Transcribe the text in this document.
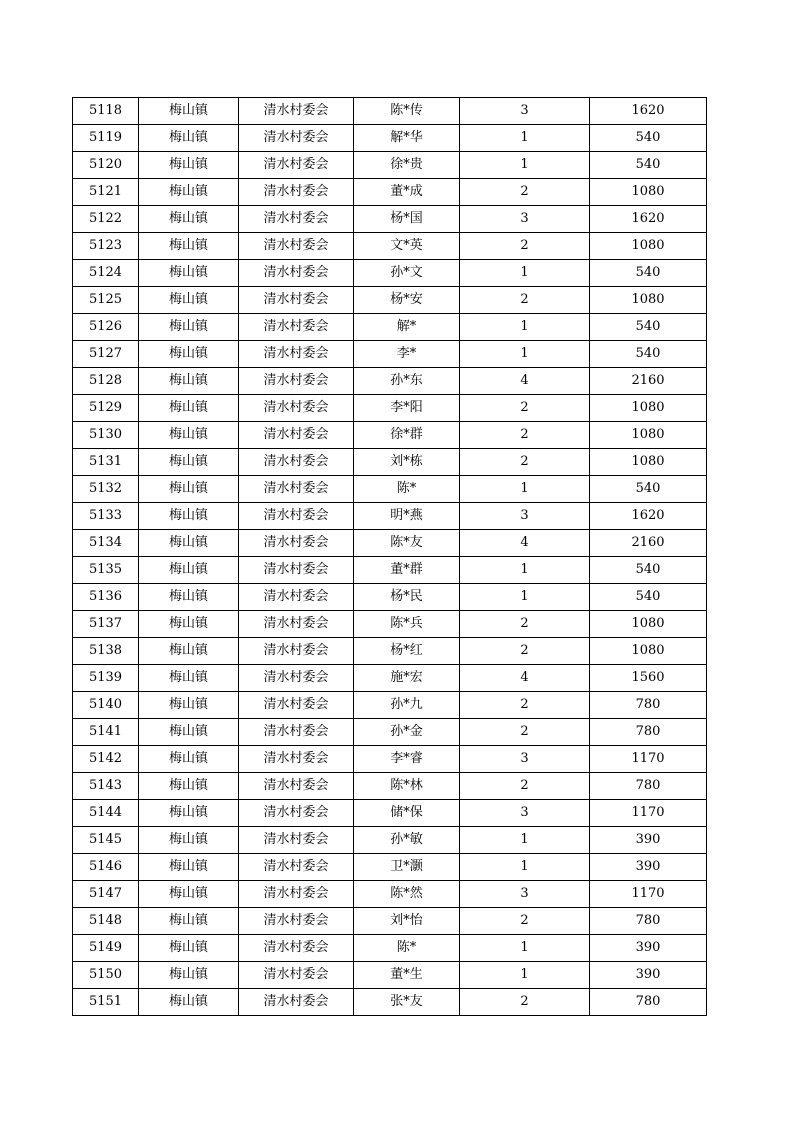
5118	梅山镇	清水村委会	陈*传	3	1620
5119	梅山镇	清水村委会	解*华	1	540
5120	梅山镇	清水村委会	徐*贵	1	540
5121	梅山镇	清水村委会	董*成	2	1080
5122	梅山镇	清水村委会	杨*国	3	1620
5123	梅山镇	清水村委会	文*英	2	1080
5124	梅山镇	清水村委会	孙*文	1	540
5125	梅山镇	清水村委会	杨*安	2	1080
5126	梅山镇	清水村委会	解*	1	540
5127	梅山镇	清水村委会	李*	1	540
5128	梅山镇	清水村委会	孙*东	4	2160
5129	梅山镇	清水村委会	李*阳	2	1080
5130	梅山镇	清水村委会	徐*群	2	1080
5131	梅山镇	清水村委会	刘*栋	2	1080
5132	梅山镇	清水村委会	陈*	1	540
5133	梅山镇	清水村委会	明*燕	3	1620
5134	梅山镇	清水村委会	陈*友	4	2160
5135	梅山镇	清水村委会	董*群	1	540
5136	梅山镇	清水村委会	杨*民	1	540
5137	梅山镇	清水村委会	陈*兵	2	1080
5138	梅山镇	清水村委会	杨*红	2	1080
5139	梅山镇	清水村委会	施*宏	4	1560
5140	梅山镇	清水村委会	孙*九	2	780
5141	梅山镇	清水村委会	孙*金	2	780
5142	梅山镇	清水村委会	李*睿	3	1170
5143	梅山镇	清水村委会	陈*林	2	780
5144	梅山镇	清水村委会	储*保	3	1170
5145	梅山镇	清水村委会	孙*敏	1	390
5146	梅山镇	清水村委会	卫*灏	1	390
5147	梅山镇	清水村委会	陈*然	3	1170
5148	梅山镇	清水村委会	刘*怡	2	780
5149	梅山镇	清水村委会	陈*	1	390
5150	梅山镇	清水村委会	董*生	1	390
5151	梅山镇	清水村委会	张*友	2	780
